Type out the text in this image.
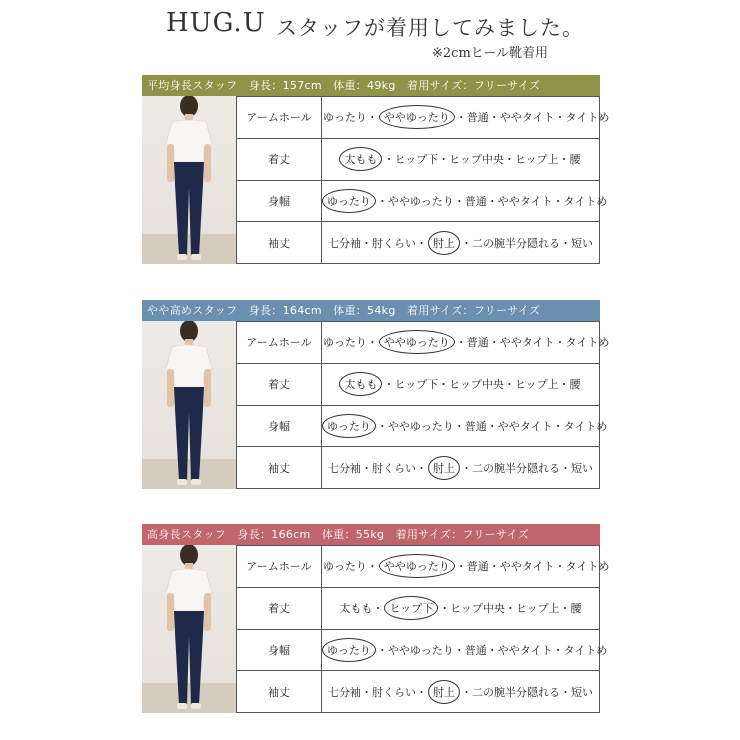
HUG.U スタッフが着用してみました。
※2cmヒール靴着用
平均身長スタッフ　身長：157cm　体重：49kg　着用サイズ：フリーサイズ
アームホール	ゆったり・ ややゆったり ・普通・ややタイト・タイトめ
着丈	太もも ・ヒップ下・ヒップ中央・ヒップ上・腰
身幅	ゆったり ・ややゆったり・普通・ややタイト・タイトめ
袖丈	七分袖・肘くらい・ 肘上 ・二の腕半分隠れる・短い
やや高めスタッフ　身長：164cm　体重：54kg　着用サイズ：フリーサイズ
アームホール	ゆったり・ ややゆったり ・普通・ややタイト・タイトめ
着丈	太もも ・ヒップ下・ヒップ中央・ヒップ上・腰
身幅	ゆったり ・ややゆったり・普通・ややタイト・タイトめ
袖丈	七分袖・肘くらい・ 肘上 ・二の腕半分隠れる・短い
高身長スタッフ　身長：166cm　体重：55kg　着用サイズ：フリーサイズ
アームホール	ゆったり・ ややゆったり ・普通・ややタイト・タイトめ
着丈	太もも・ ヒップ下 ・ヒップ中央・ヒップ上・腰
身幅	ゆったり ・ややゆったり・普通・ややタイト・タイトめ
袖丈	七分袖・肘くらい・ 肘上 ・二の腕半分隠れる・短い
